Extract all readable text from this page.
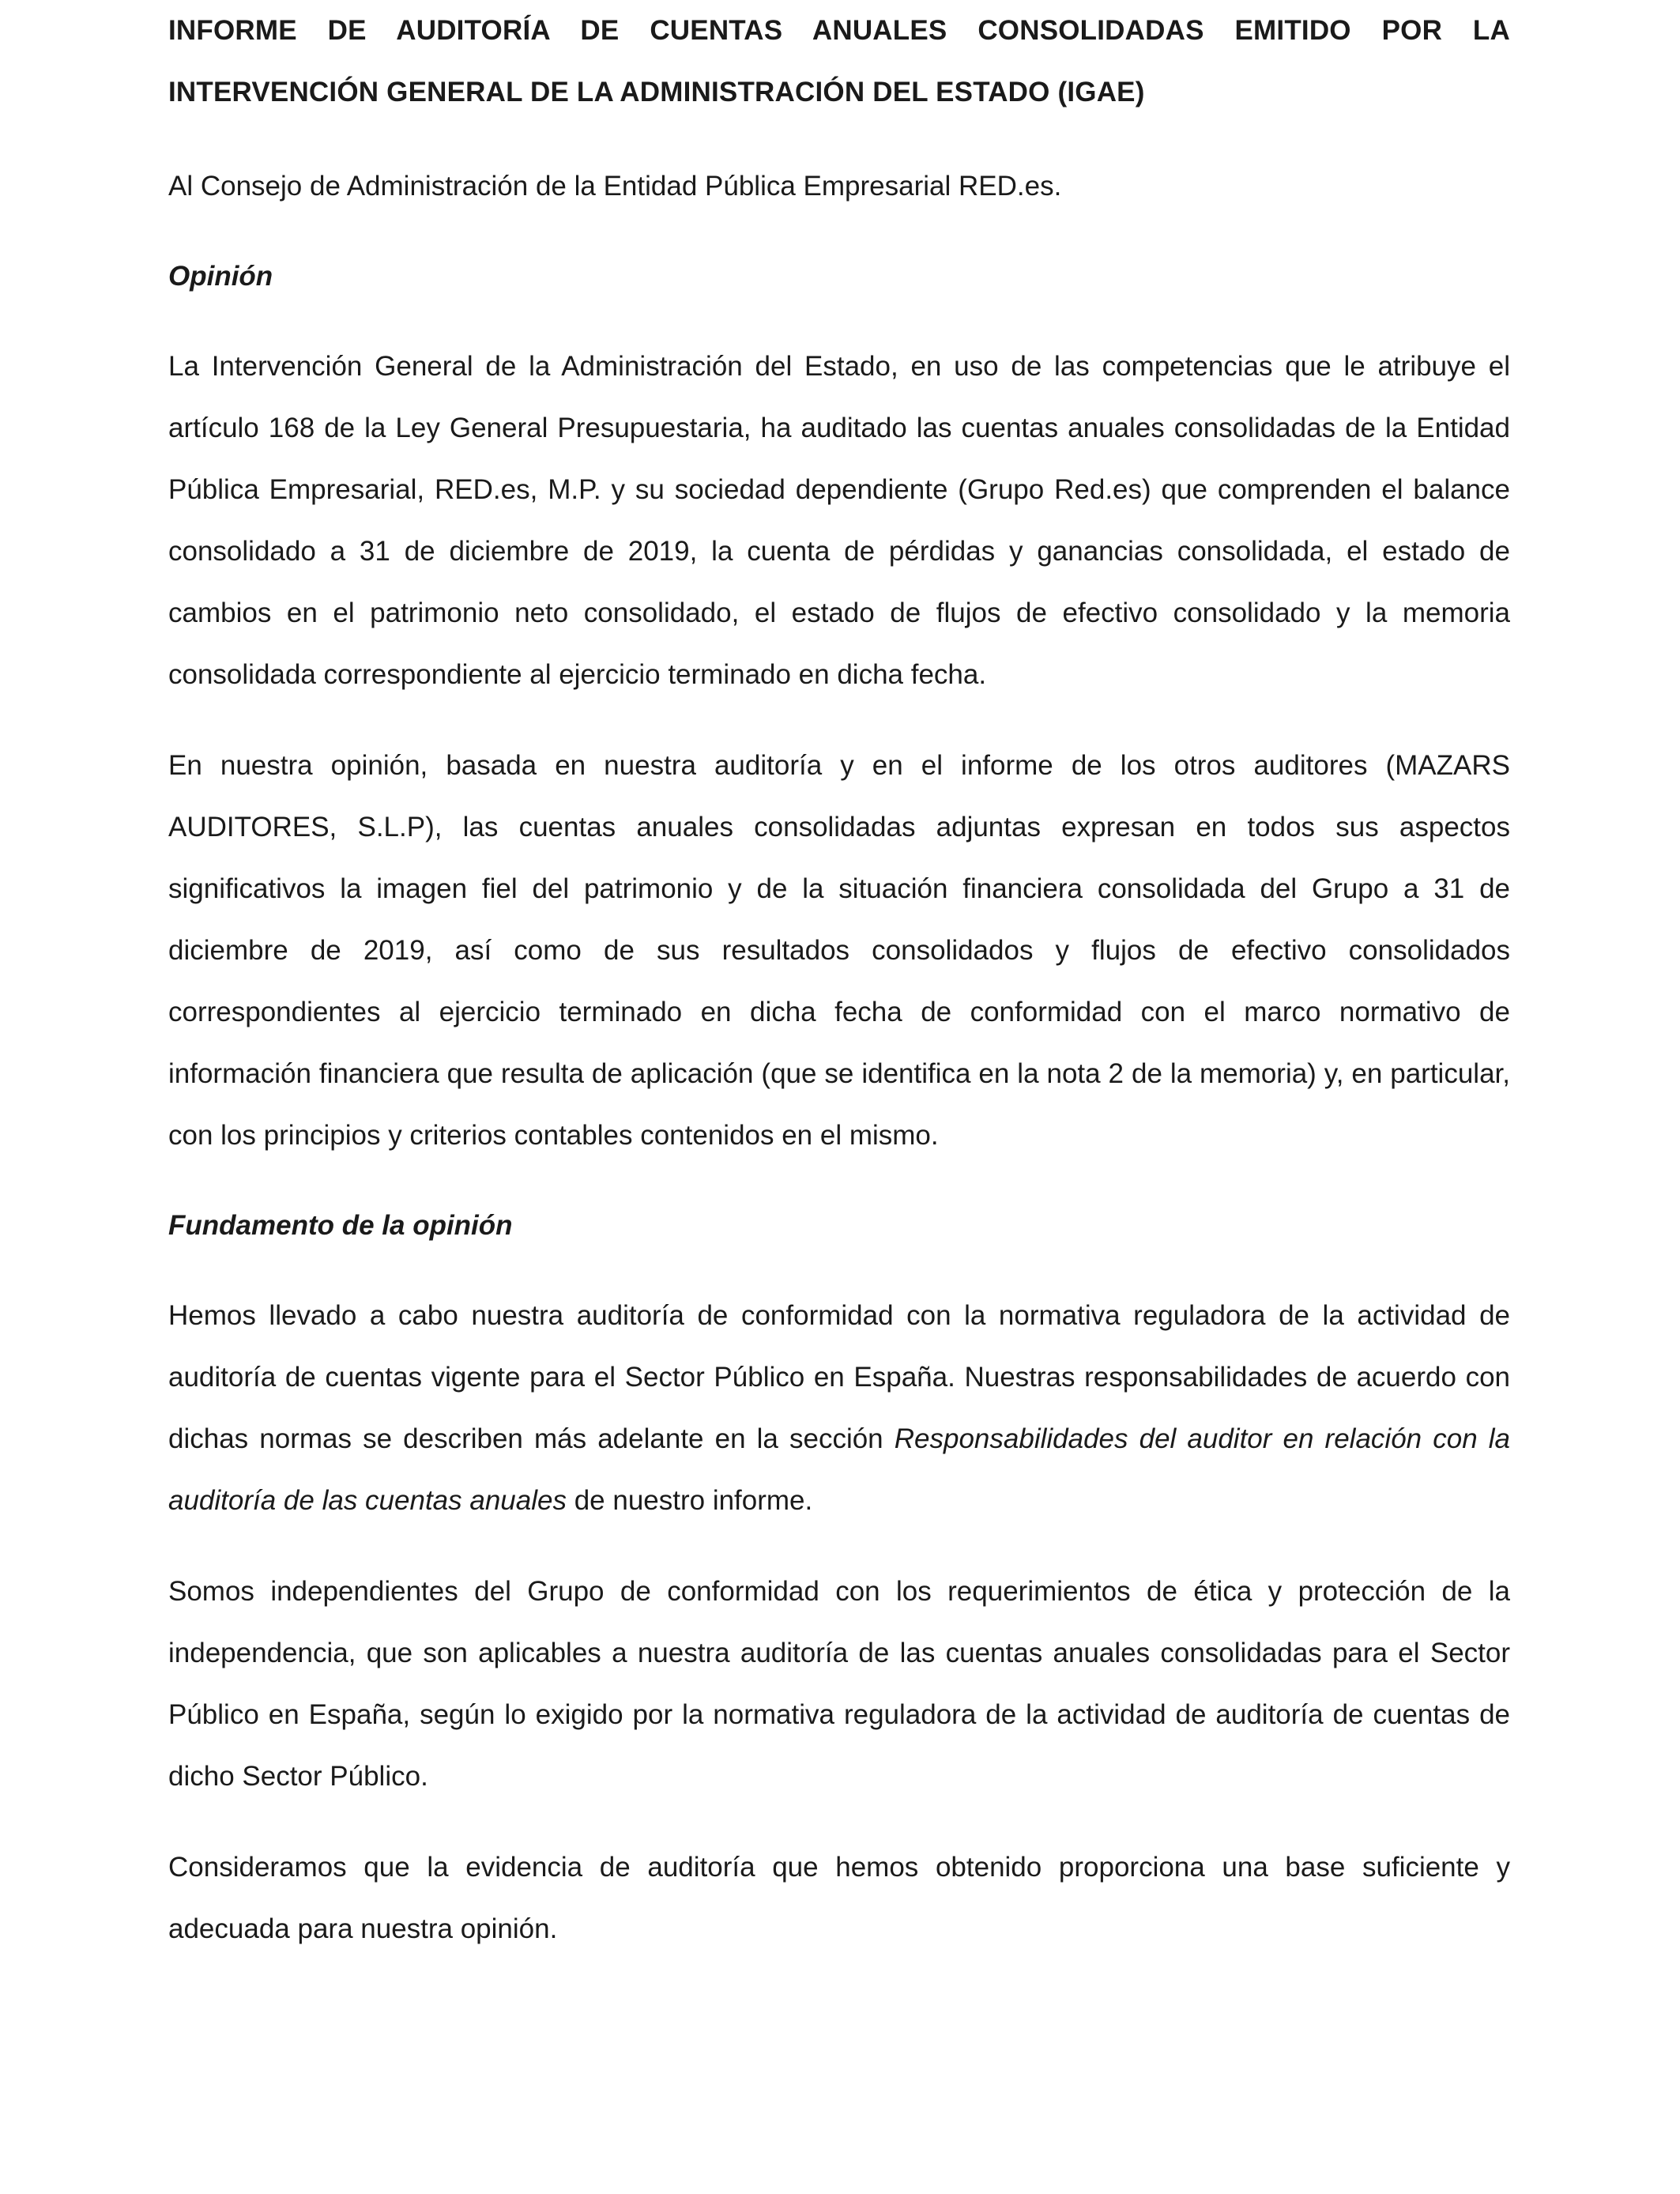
INFORME DE AUDITORÍA DE CUENTAS ANUALES CONSOLIDADAS EMITIDO POR LA
INTERVENCIÓN GENERAL DE LA ADMINISTRACIÓN DEL ESTADO (IGAE)

Al Consejo de Administración de la Entidad Pública Empresarial RED.es.

Opinión

La Intervención General de la Administración del Estado, en uso de las competencias que le atribuye el artículo 168 de la Ley General Presupuestaria, ha auditado las cuentas anuales consolidadas de la Entidad Pública Empresarial, RED.es, M.P. y su sociedad dependiente (Grupo Red.es) que comprenden el balance consolidado a 31 de diciembre de 2019, la cuenta de pérdidas y ganancias consolidada, el estado de cambios en el patrimonio neto consolidado, el estado de flujos de efectivo consolidado y la memoria consolidada correspondiente al ejercicio terminado en dicha fecha.

En nuestra opinión, basada en nuestra auditoría y en el informe de los otros auditores (MAZARS AUDITORES, S.L.P), las cuentas anuales consolidadas adjuntas expresan en todos sus aspectos significativos la imagen fiel del patrimonio y de la situación financiera consolidada del Grupo a 31 de diciembre de 2019, así como de sus resultados consolidados y flujos de efectivo consolidados correspondientes al ejercicio terminado en dicha fecha de conformidad con el marco normativo de información financiera que resulta de aplicación (que se identifica en la nota 2 de la memoria) y, en particular, con los principios y criterios contables contenidos en el mismo.

Fundamento de la opinión

Hemos llevado a cabo nuestra auditoría de conformidad con la normativa reguladora de la actividad de auditoría de cuentas vigente para el Sector Público en España. Nuestras responsabilidades de acuerdo con dichas normas se describen más adelante en la sección Responsabilidades del auditor en relación con la auditoría de las cuentas anuales de nuestro informe.

Somos independientes del Grupo de conformidad con los requerimientos de ética y protección de la independencia, que son aplicables a nuestra auditoría de las cuentas anuales consolidadas para el Sector Público en España, según lo exigido por la normativa reguladora de la actividad de auditoría de cuentas de dicho Sector Público.

Consideramos que la evidencia de auditoría que hemos obtenido proporciona una base suficiente y adecuada para nuestra opinión.
